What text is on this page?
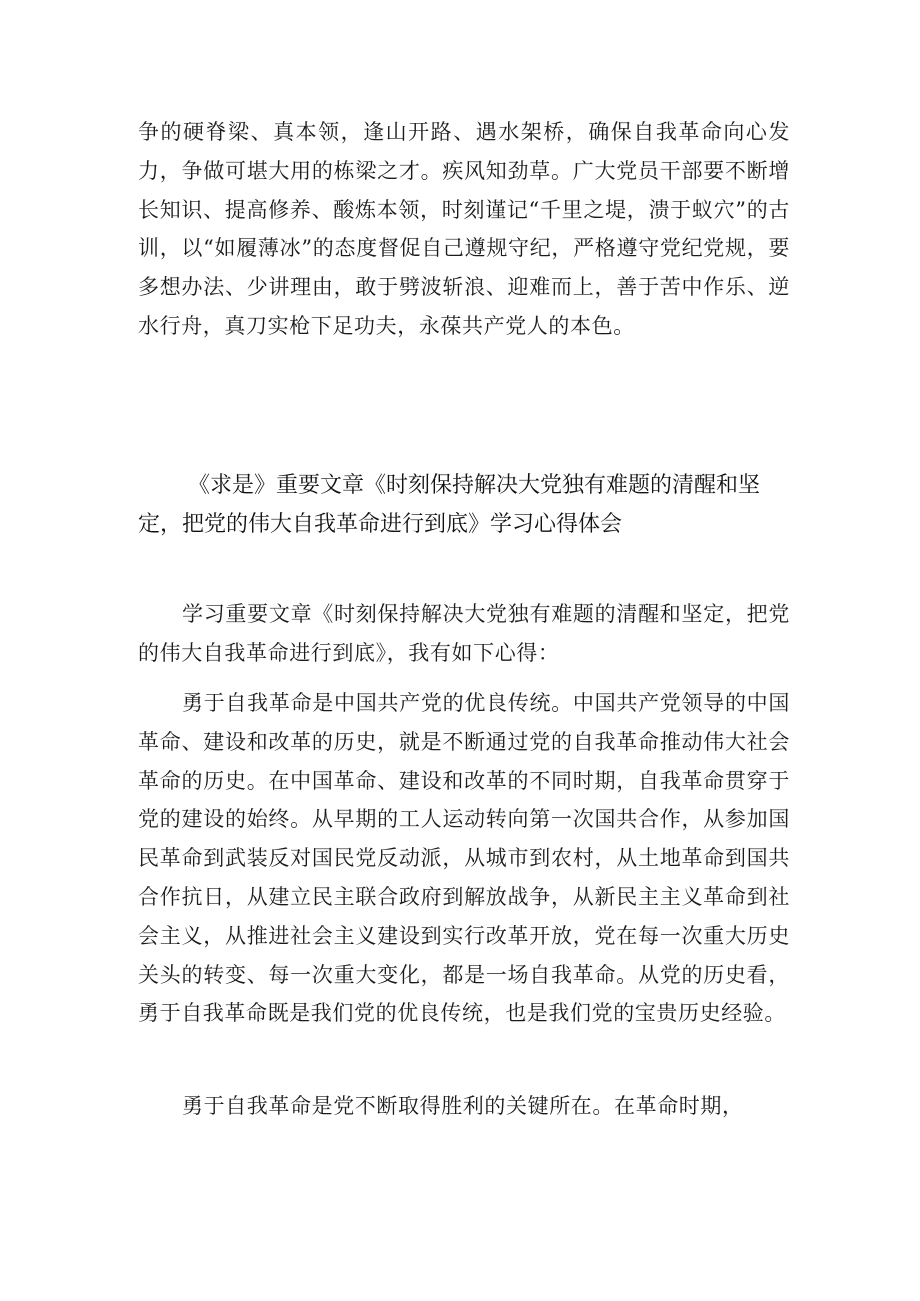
争的硬脊梁、真本领，逢山开路、遇水架桥，确保自我革命向心发力，争做可堪大用的栋梁之才。疾风知劲草。广大党员干部要不断增长知识、提高修养、酸炼本领，时刻谨记“千里之堤，溃于蚁穴”的古训，以“如履薄冰”的态度督促自己遵规守纪，严格遵守党纪党规，要多想办法、少讲理由，敢于劈波斩浪、迎难而上，善于苦中作乐、逆水行舟，真刀实枪下足功夫，永葆共产党人的本色。

《求是》重要文章《时刻保持解决大党独有难题的清醒和坚定，把党的伟大自我革命进行到底》学习心得体会

学习重要文章《时刻保持解决大党独有难题的清醒和坚定，把党的伟大自我革命进行到底》，我有如下心得：

勇于自我革命是中国共产党的优良传统。中国共产党领导的中国革命、建设和改革的历史，就是不断通过党的自我革命推动伟大社会革命的历史。在中国革命、建设和改革的不同时期，自我革命贯穿于党的建设的始终。从早期的工人运动转向第一次国共合作，从参加国民革命到武装反对国民党反动派，从城市到农村，从土地革命到国共合作抗日，从建立民主联合政府到解放战争，从新民主主义革命到社会主义，从推进社会主义建设到实行改革开放，党在每一次重大历史关头的转变、每一次重大变化，都是一场自我革命。从党的历史看，勇于自我革命既是我们党的优良传统，也是我们党的宝贵历史经验。

勇于自我革命是党不断取得胜利的关键所在。在革命时期，
